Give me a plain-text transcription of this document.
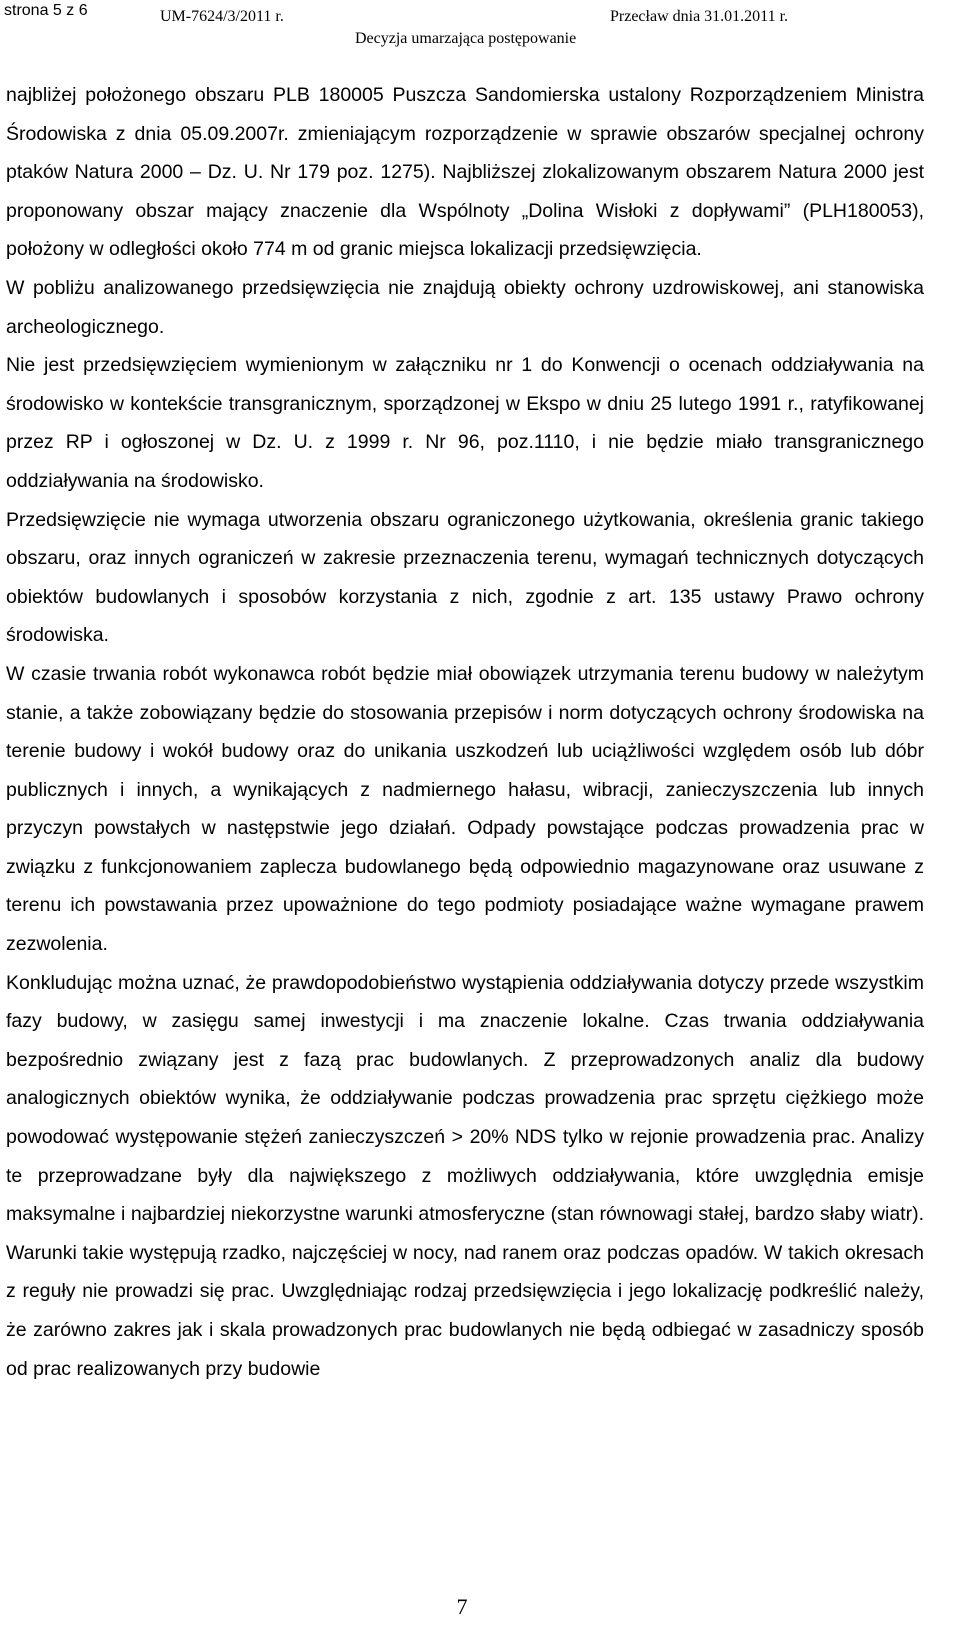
strona 5 z 6	UM-7624/3/2011 r.	Przecław dnia 31.01.2011 r.
Decyzja umarzająca postępowanie

najbliżej położonego obszaru PLB 180005 Puszcza Sandomierska ustalony Rozporządzeniem Ministra Środowiska z dnia 05.09.2007r. zmieniającym rozporządzenie w sprawie obszarów specjalnej ochrony ptaków Natura 2000 – Dz. U. Nr 179 poz. 1275). Najbliższej zlokalizowanym obszarem Natura 2000 jest proponowany obszar mający znaczenie dla Wspólnoty „Dolina Wisłoki z dopływami” (PLH180053), położony w odległości około 774 m od granic miejsca lokalizacji przedsięwzięcia.

W pobliżu analizowanego przedsięwzięcia nie znajdują obiekty ochrony uzdrowiskowej, ani stanowiska archeologicznego.

Nie jest przedsięwzięciem wymienionym w załączniku nr 1 do Konwencji o ocenach oddziaływania na środowisko w kontekście transgranicznym, sporządzonej w Ekspo w dniu 25 lutego 1991 r., ratyfikowanej przez RP i ogłoszonej w Dz. U. z 1999 r. Nr 96, poz.1110, i nie będzie miało transgranicznego oddziaływania na środowisko.

Przedsięwzięcie nie wymaga utworzenia obszaru ograniczonego użytkowania, określenia granic takiego obszaru, oraz innych ograniczeń w zakresie przeznaczenia terenu, wymagań technicznych dotyczących obiektów budowlanych i sposobów korzystania z nich, zgodnie z art. 135 ustawy Prawo ochrony środowiska.

W czasie trwania robót wykonawca robót będzie miał obowiązek utrzymania terenu budowy w należytym stanie, a także zobowiązany będzie do stosowania przepisów i norm dotyczących ochrony środowiska na terenie budowy i wokół budowy oraz do unikania uszkodzeń lub uciążliwości względem osób lub dóbr publicznych i innych, a wynikających z nadmiernego hałasu, wibracji, zanieczyszczenia lub innych przyczyn powstałych w następstwie jego działań. Odpady powstające podczas prowadzenia prac w związku z funkcjonowaniem zaplecza budowlanego będą odpowiednio magazynowane oraz usuwane z terenu ich powstawania przez upoważnione do tego podmioty posiadające ważne wymagane prawem zezwolenia.

Konkludując można uznać, że prawdopodobieństwo wystąpienia oddziaływania dotyczy przede wszystkim fazy budowy, w zasięgu samej inwestycji i ma znaczenie lokalne. Czas trwania oddziaływania bezpośrednio związany jest z fazą prac budowlanych. Z przeprowadzonych analiz dla budowy analogicznych obiektów wynika, że oddziaływanie podczas prowadzenia prac sprzętu ciężkiego może powodować występowanie stężeń zanieczyszczeń > 20% NDS tylko w rejonie prowadzenia prac. Analizy te przeprowadzane były dla największego z możliwych oddziaływania, które uwzględnia emisje maksymalne i najbardziej niekorzystne warunki atmosferyczne (stan równowagi stałej, bardzo słaby wiatr). Warunki takie występują rzadko, najczęściej w nocy, nad ranem oraz podczas opadów. W takich okresach z reguły nie prowadzi się prac. Uwzględniając rodzaj przedsięwzięcia i jego lokalizację podkreślić należy, że zarówno zakres jak i skala prowadzonych prac budowlanych nie będą odbiegać w zasadniczy sposób od prac realizowanych przy budowie

7
